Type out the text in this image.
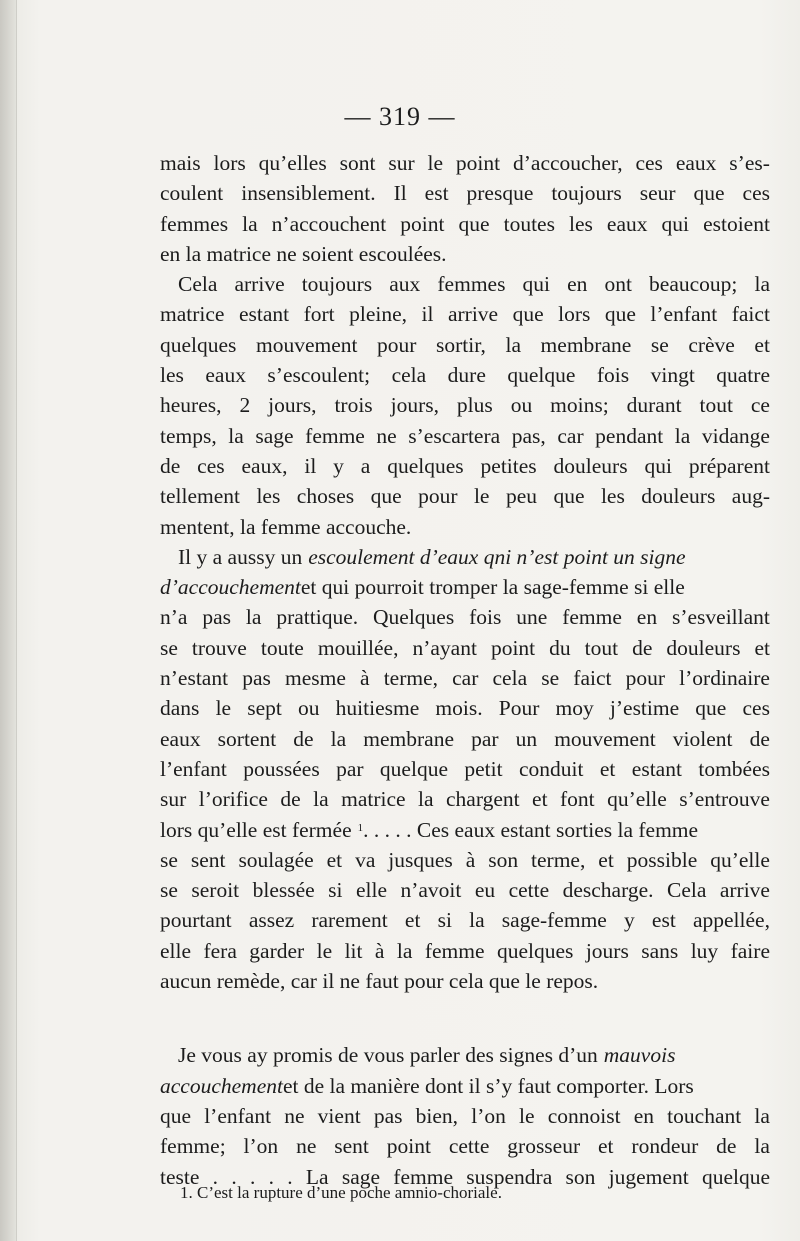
— 319 —
mais lors qu’elles sont sur le point d’accoucher, ces eaux s’es-
coulent insensiblement. Il est presque toujours seur que ces
femmes la n’accouchent point que toutes les eaux qui estoient
en la matrice ne soient escoulées.
Cela arrive toujours aux femmes qui en ont beaucoup; la
matrice estant fort pleine, il arrive que lors que l’enfant faict
quelques mouvement pour sortir, la membrane se crève et
les eaux s’escoulent; cela dure quelque fois vingt quatre
heures, 2 jours, trois jours, plus ou moins; durant tout ce
temps, la sage femme ne s’escartera pas, car pendant la vidange
de ces eaux, il y a quelques petites douleurs qui préparent
tellement les choses que pour le peu que les douleurs aug-
mentent, la femme accouche.
Il y a aussy un escoulement d’eaux qni n’est point un signe
d’accouchement et qui pourroit tromper la sage-femme si elle
n’a pas la prattique. Quelques fois une femme en s’esveillant
se trouve toute mouillée, n’ayant point du tout de douleurs et
n’estant pas mesme à terme, car cela se faict pour l’ordinaire
dans le sept ou huitiesme mois. Pour moy j’estime que ces
eaux sortent de la membrane par un mouvement violent de
l’enfant poussées par quelque petit conduit et estant tombées
sur l’orifice de la matrice la chargent et font qu’elle s’entrouve
lors qu’elle est fermée $^1$ . . . . . Ces eaux estant sorties la femme
se sent soulagée et va jusques à son terme, et possible qu’elle
se seroit blessée si elle n’avoit eu cette descharge. Cela arrive
pourtant assez rarement et si la sage-femme y est appellée,
elle fera garder le lit à la femme quelques jours sans luy faire
aucun remède, car il ne faut pour cela que le repos.
Je vous ay promis de vous parler des signes d’un mauvois
accouchement et de la manière dont il s’y faut comporter. Lors
que l’enfant ne vient pas bien, l’on le connoist en touchant la
femme; l’on ne sent point cette grosseur et rondeur de la
teste . . . . . La sage femme suspendra son jugement quelque
1. C’est la rupture d’une poche amnio-choriale.
